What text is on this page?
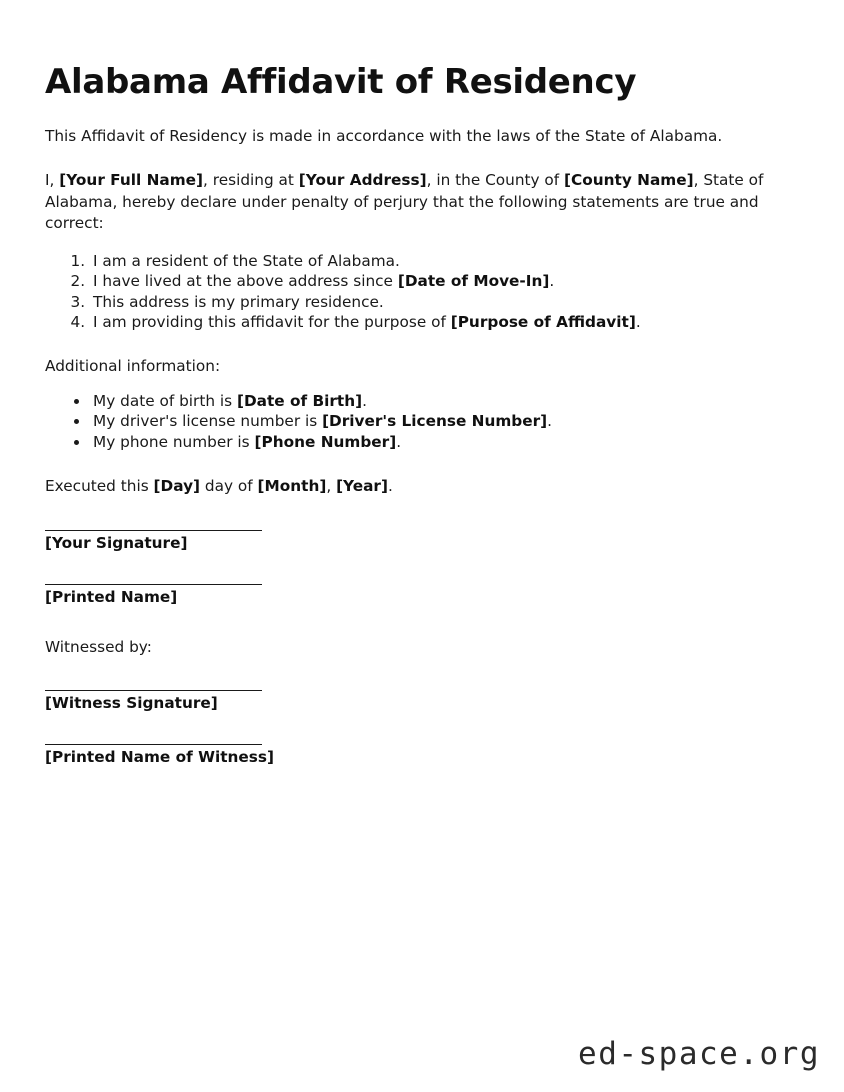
Alabama Affidavit of Residency

This Affidavit of Residency is made in accordance with the laws of the State of Alabama.

I, [Your Full Name], residing at [Your Address], in the County of [County Name], State of Alabama, hereby declare under penalty of perjury that the following statements are true and correct:

1. I am a resident of the State of Alabama.
2. I have lived at the above address since [Date of Move-In].
3. This address is my primary residence.
4. I am providing this affidavit for the purpose of [Purpose of Affidavit].

Additional information:

• My date of birth is [Date of Birth].
• My driver's license number is [Driver's License Number].
• My phone number is [Phone Number].

Executed this [Day] day of [Month], [Year].

[Your Signature]
[Printed Name]

Witnessed by:

[Witness Signature]
[Printed Name of Witness]
ed-space.org
